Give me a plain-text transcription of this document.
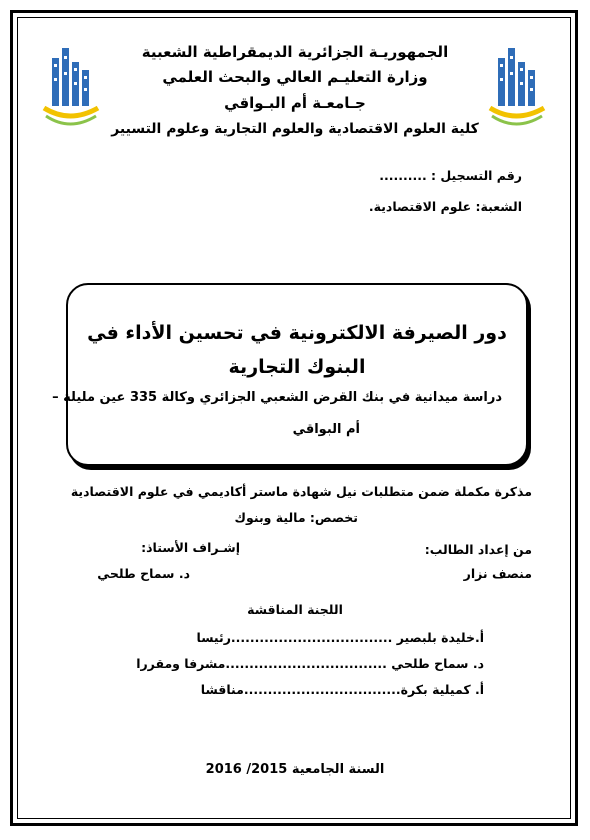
الجمهوريـة الجزائرية الديمقراطية الشعبية
وزارة التعليـم العالي والبحث العلمي
جـامعـة أم البـواقي
كلية العلوم الاقتصادية والعلوم التجارية وعلوم التسيير
رقم التسجيل : ..........
الشعبة: علوم الاقتصادية.
دور الصيرفة الالكترونية في تحسين الأداء في
البنوك التجارية
دراسة ميدانية في بنك القرض الشعبي الجزائري وكالة 335 عين مليلة –
أم البواقي
مذكرة مكملة ضمن متطلبات نيل شهادة ماستر أكاديمي في علوم الاقتصادية
تخصص: مالية وبنوك
من إعداد الطالب:
إشـراف الأستاذ:
منصف نزار
د. سماح طلحي
اللجنة المناقشة
أ.خليدة بلبصير ..................................رئيسا
د. سماح طلحي ..................................مشرفا ومقررا
أ. كميلية بكرة.................................مناقشا
السنة الجامعية 2015/ 2016
